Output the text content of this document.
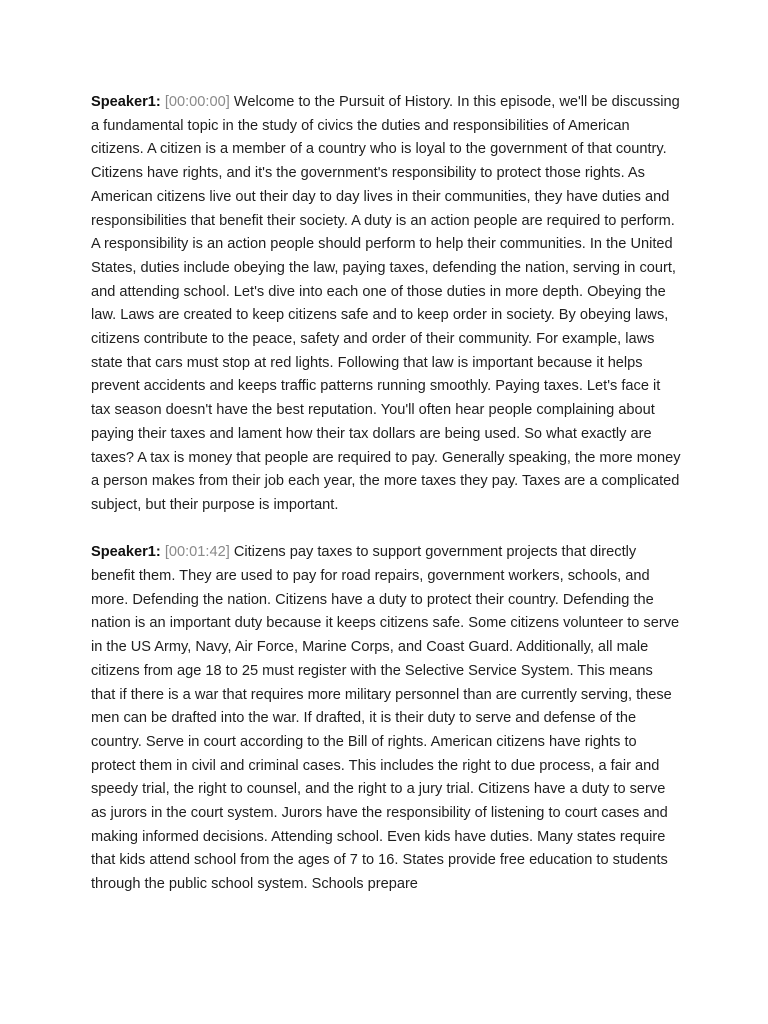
Speaker1: [00:00:00] Welcome to the Pursuit of History. In this episode, we'll be discussing a fundamental topic in the study of civics the duties and responsibilities of American citizens. A citizen is a member of a country who is loyal to the government of that country. Citizens have rights, and it's the government's responsibility to protect those rights. As American citizens live out their day to day lives in their communities, they have duties and responsibilities that benefit their society. A duty is an action people are required to perform. A responsibility is an action people should perform to help their communities. In the United States, duties include obeying the law, paying taxes, defending the nation, serving in court, and attending school. Let's dive into each one of those duties in more depth. Obeying the law. Laws are created to keep citizens safe and to keep order in society. By obeying laws, citizens contribute to the peace, safety and order of their community. For example, laws state that cars must stop at red lights. Following that law is important because it helps prevent accidents and keeps traffic patterns running smoothly. Paying taxes. Let's face it tax season doesn't have the best reputation. You'll often hear people complaining about paying their taxes and lament how their tax dollars are being used. So what exactly are taxes? A tax is money that people are required to pay. Generally speaking, the more money a person makes from their job each year, the more taxes they pay. Taxes are a complicated subject, but their purpose is important.

Speaker1: [00:01:42] Citizens pay taxes to support government projects that directly benefit them. They are used to pay for road repairs, government workers, schools, and more. Defending the nation. Citizens have a duty to protect their country. Defending the nation is an important duty because it keeps citizens safe. Some citizens volunteer to serve in the US Army, Navy, Air Force, Marine Corps, and Coast Guard. Additionally, all male citizens from age 18 to 25 must register with the Selective Service System. This means that if there is a war that requires more military personnel than are currently serving, these men can be drafted into the war. If drafted, it is their duty to serve and defense of the country. Serve in court according to the Bill of rights. American citizens have rights to protect them in civil and criminal cases. This includes the right to due process, a fair and speedy trial, the right to counsel, and the right to a jury trial. Citizens have a duty to serve as jurors in the court system. Jurors have the responsibility of listening to court cases and making informed decisions. Attending school. Even kids have duties. Many states require that kids attend school from the ages of 7 to 16. States provide free education to students through the public school system. Schools prepare
